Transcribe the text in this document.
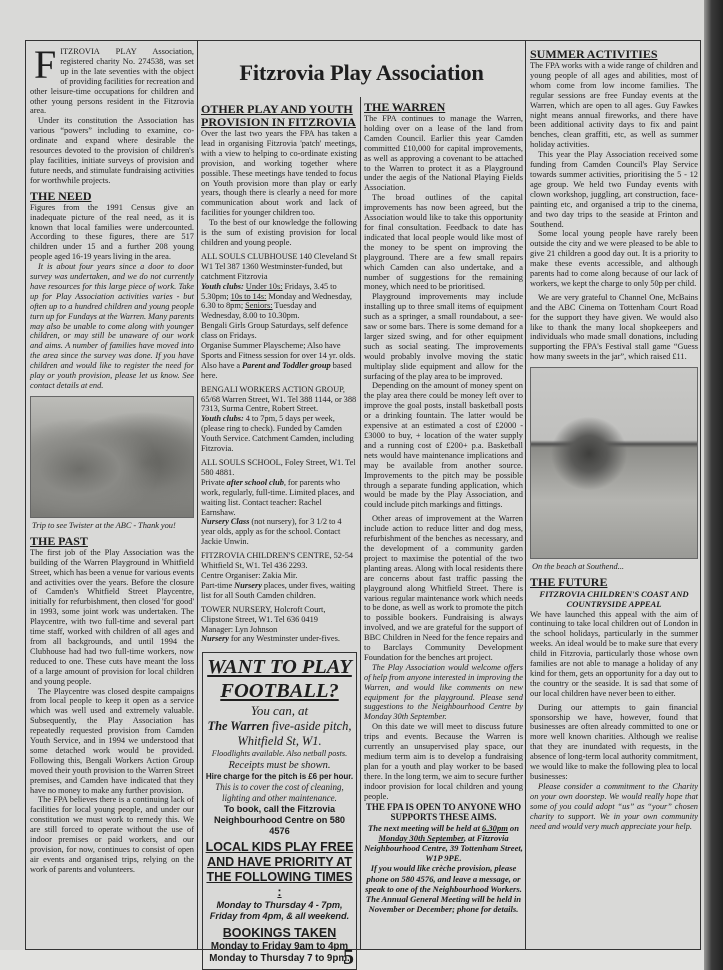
Fitzrovia Play Association

FITZROVIA PLAY Association, registered charity No. 274538, was set up in the late seventies with the object of providing facilities for recreation and other leisure-time occupations for children and other young persons resident in the Fitzrovia area.

Under its constitution the Association has various “powers” including to examine, co-ordinate and expand where desirable the resources devoted to the provision of children's play facilities, initiate surveys of provision and future needs, and stimulate fundraising activities for worthwhile projects.

THE NEED

Figures from the 1991 Census give an inadequate picture of the real need, as it is known that local families were undercounted. According to these figures, there are 517 children under 15 and a further 208 young people aged 16-19 years living in the area.

It is about four years since a door to door survey was undertaken, and we do not currently have resources for this large piece of work. Take up for Play Association activities varies - but often up to a hundred children and young people turn up for Fundays at the Warren. Many parents may also be unable to come along with younger children, or may still be unaware of our work and aims. A number of families have moved into the area since the survey was done. If you have children and would like to register the need for play or youth provision, please let us know. See contact details at end.

Trip to see Twister at the ABC - Thank you!
THE PAST

The first job of the Play Association was the building of the Warren Playground in Whitfield Street, which has been a venue for various events and activities over the years. Before the closure of Camden's Whitfield Street Playcentre, initially for refurbishment, then closed 'for good' in 1993, some joint work was undertaken. The Playcentre, with two full-time and several part time staff, worked with children of all ages and from all backgrounds, and until 1994 the Clubhouse had had two full-time workers, now reduced to one. These cuts have meant the loss of a large amount of provision for local children and young people.

The Playcentre was closed despite campaigns from local people to keep it open as a service which was well used and extremely valuable. Subsequently, the Play Association has repeatedly requested provision from Camden Youth Service, and in 1994 we understood that some detached work would be provided. Following this, Bengali Workers Action Group moved their youth provision to the Warren Street premises, and Camden have indicated that they have no money to make any further provision.

The FPA believes there is a continuing lack of facilities for local young people, and under our constitution we must work to remedy this. We are still forced to operate without the use of indoor premises or paid workers, and our provision, for now, continues to consist of open air events and organised trips, relying on the work of parents and volunteers.

OTHER PLAY AND YOUTH PROVISION IN FITZROVIA

Over the last two years the FPA has taken a lead in organising Fitzrovia 'patch' meetings, with a view to helping to co-ordinate existing provision, and working together where possible. These meetings have tended to focus on Youth provision more than play or early years, though there is clearly a need for more communication about work and lack of facilities for younger children too.

To the best of our knowledge the following is the sum of existing provision for local children and young people.

ALL SOULS CLUBHOUSE 140 Cleveland St W1 Tel 387 1360 Westminster-funded, but catchment Fitzrovia
Youth clubs: Under 10s: Fridays, 3.45 to 5.30pm; 10s to 14s: Monday and Wednesday, 6.30 to 8pm; Seniors: Tuesday and Wednesday, 8.00 to 10.30pm.
Bengali Girls Group Saturdays, self defence class on Fridays.
Organise Summer Playscheme; Also have Sports and Fitness session for over 14 yr. olds. Also have a Parent and Toddler group based here.
BENGALI WORKERS ACTION GROUP, 65/68 Warren Street, W1. Tel 388 1144, or 388 7313, Surma Centre, Robert Street.
Youth clubs: 4 to 7pm, 5 days per week, (please ring to check). Funded by Camden Youth Service. Catchment Camden, including Fitzrovia.
ALL SOULS SCHOOL, Foley Street, W1. Tel 580 4881.
Private after school club, for parents who work, regularly, full-time. Limited places, and waiting list. Contact teacher: Rachel Earnshaw.
Nursery Class (not nursery), for 3 1/2 to 4 year olds, apply as for the school. Contact Jackie Unwin.
FITZROVIA CHILDREN'S CENTRE, 52-54 Whitfield St, W1. Tel 436 2293.
Centre Organiser: Zakia Mir.
Part-time Nursery places, under fives, waiting list for all South Camden children.
TOWER NURSERY, Holcroft Court, Clipstone Street, W1. Tel 636 0419
Manager: Lyn Johnson
Nursery for any Westminster under-fives.
WANT TO PLAY
FOOTBALL?
You can, at
The Warren five-aside pitch,
Whitfield St, W1.
Floodlights available. Also netball posts.
Receipts must be shown.
Hire charge for the pitch is £6 per hour.
This is to cover the cost of cleaning,
lighting and other maintenance.
To book, call the Fitzrovia
Neighbourhood Centre on 580 4576
LOCAL KIDS PLAY FREE
AND HAVE PRIORITY AT
THE FOLLOWING TIMES :
Monday to Thursday 4 - 7pm,
Friday from 4pm, & all weekend.
BOOKINGS TAKEN
Monday to Friday 9am to 4pm
Monday to Thursday 7 to 9pm.
THE WARREN

The FPA continues to manage the Warren, holding over on a lease of the land from Camden Council. Earlier this year Camden committed £10,000 for capital improvements, as well as approving a covenant to be attached to the Warren to protect it as a Playground under the aegis of the National Playing Fields Association.

The broad outlines of the capital improvements has now been agreed, but the Association would like to take this opportunity for final consultation. Feedback to date has indicated that local people would like most of the money to be spent on improving the playground. There are a few small repairs which Camden can also undertake, and a number of suggestions for the remaining money, which need to be prioritised.

Playground improvements may include installing up to three small items of equipment such as a springer, a small roundabout, a see-saw or some bars. There is some demand for a larger sized swing, and for other equipment such as social seating. The improvements would probably involve moving the static multiplay slide equipment and allow for the surfacing of the play area to be improved.

Depending on the amount of money spent on the play area there could be money left over to improve the goal posts, install basketball posts or a drinking fountain. The latter would be expensive at an estimated a cost of £2000 - £3000 to buy, + location of the water supply and a running cost of £200+ p.a. Basketball nets would have maintenance implications and may be available from another source. Improvements to the pitch may be possible through a separate funding application, which would be made by the Play Association, and could include pitch markings and fittings.

Other areas of improvement at the Warren include action to reduce litter and dog mess, refurbishment of the benches as necessary, and the development of a community garden project to maximise the potential of the two planting areas. Along with local residents there are concerns about fast traffic passing the playground along Whitfield Street. There is various regular maintenance work which needs to be done, as well as work to promote the pitch to possible bookers. Fundraising is always involved, and we are grateful for the support of BBC Children in Need for the fence repairs and to Barclays Community Development Foundation for the benches art project.

The Play Association would welcome offers of help from anyone interested in improving the Warren, and would like comments on new equipment for the playground. Please send suggestions to the Neighbourhood Centre by Monday 30th September.

On this date we will meet to discuss future trips and events. Because the Warren is currently an unsupervised play space, our medium term aim is to develop a fundraising plan for a youth and play worker to be based there. In the long term, we aim to secure further indoor provision for local children and young people.

THE FPA IS OPEN TO ANYONE WHO SUPPORTS THESE AIMS.

The next meeting will be held at 6.30pm on Monday 30th September, at Fitzrovia Neighbourhood Centre, 39 Tottenham Street, W1P 9PE.

If you would like crèche provision, please phone on 580 4576, and leave a message, or speak to one of the Neighbourhood Workers. The Annual General Meeting will be held in November or December; phone for details.

SUMMER ACTIVITIES

The FPA works with a wide range of children and young people of all ages and abilities, most of whom come from low income families. The regular sessions are free Funday events at the Warren, which are open to all ages. Guy Fawkes night means annual fireworks, and there have been additional activity days to fix and paint benches, clean graffiti, etc, as well as summer holiday activities.

This year the Play Association received some funding from Camden Council's Play Service towards summer activities, prioritising the 5 - 12 age group. We held two Funday events with clown workshop, juggling, art construction, face-painting etc, and organised a trip to the cinema, and two day trips to the seaside at Frinton and Southend.

Some local young people have rarely been outside the city and we were pleased to be able to give 21 children a good day out. It is a priority to make these events accessible, and although parents had to come along because of our lack of workers, we kept the charge to only 50p per child.

We are very grateful to Channel One, McBains and the ABC Cinema on Tottenham Court Road for the support they have given. We would also like to thank the many local shopkeepers and individuals who made small donations, including supporting the FPA's Festival stall game “Guess how many sweets in the jar”, which raised £11.

On the beach at Southend...
THE FUTURE

FITZROVIA CHILDREN'S COAST AND COUNTRYSIDE APPEAL

We have launched this appeal with the aim of continuing to take local children out of London in the school holidays, particularly in the summer weeks. An ideal would be to make sure that every child in Fitzrovia, particularly those whose own families are not able to manage a holiday of any kind for them, gets an opportunity for a day out to the country or the seaside. It is sad that some of our local children have never been to either.

During our attempts to gain financial sponsorship we have, however, found that businesses are often already committed to one or more well known charities. Although we realise that they are inundated with requests, in the absence of long-term local authority commitment, we would like to make the following plea to local businesses:

Please consider a commitment to the Charity on your own doorstep. We would really hope that some of you could adopt “us” as “your” chosen charity to support. We in your own community need and would very much appreciate your help.

5
